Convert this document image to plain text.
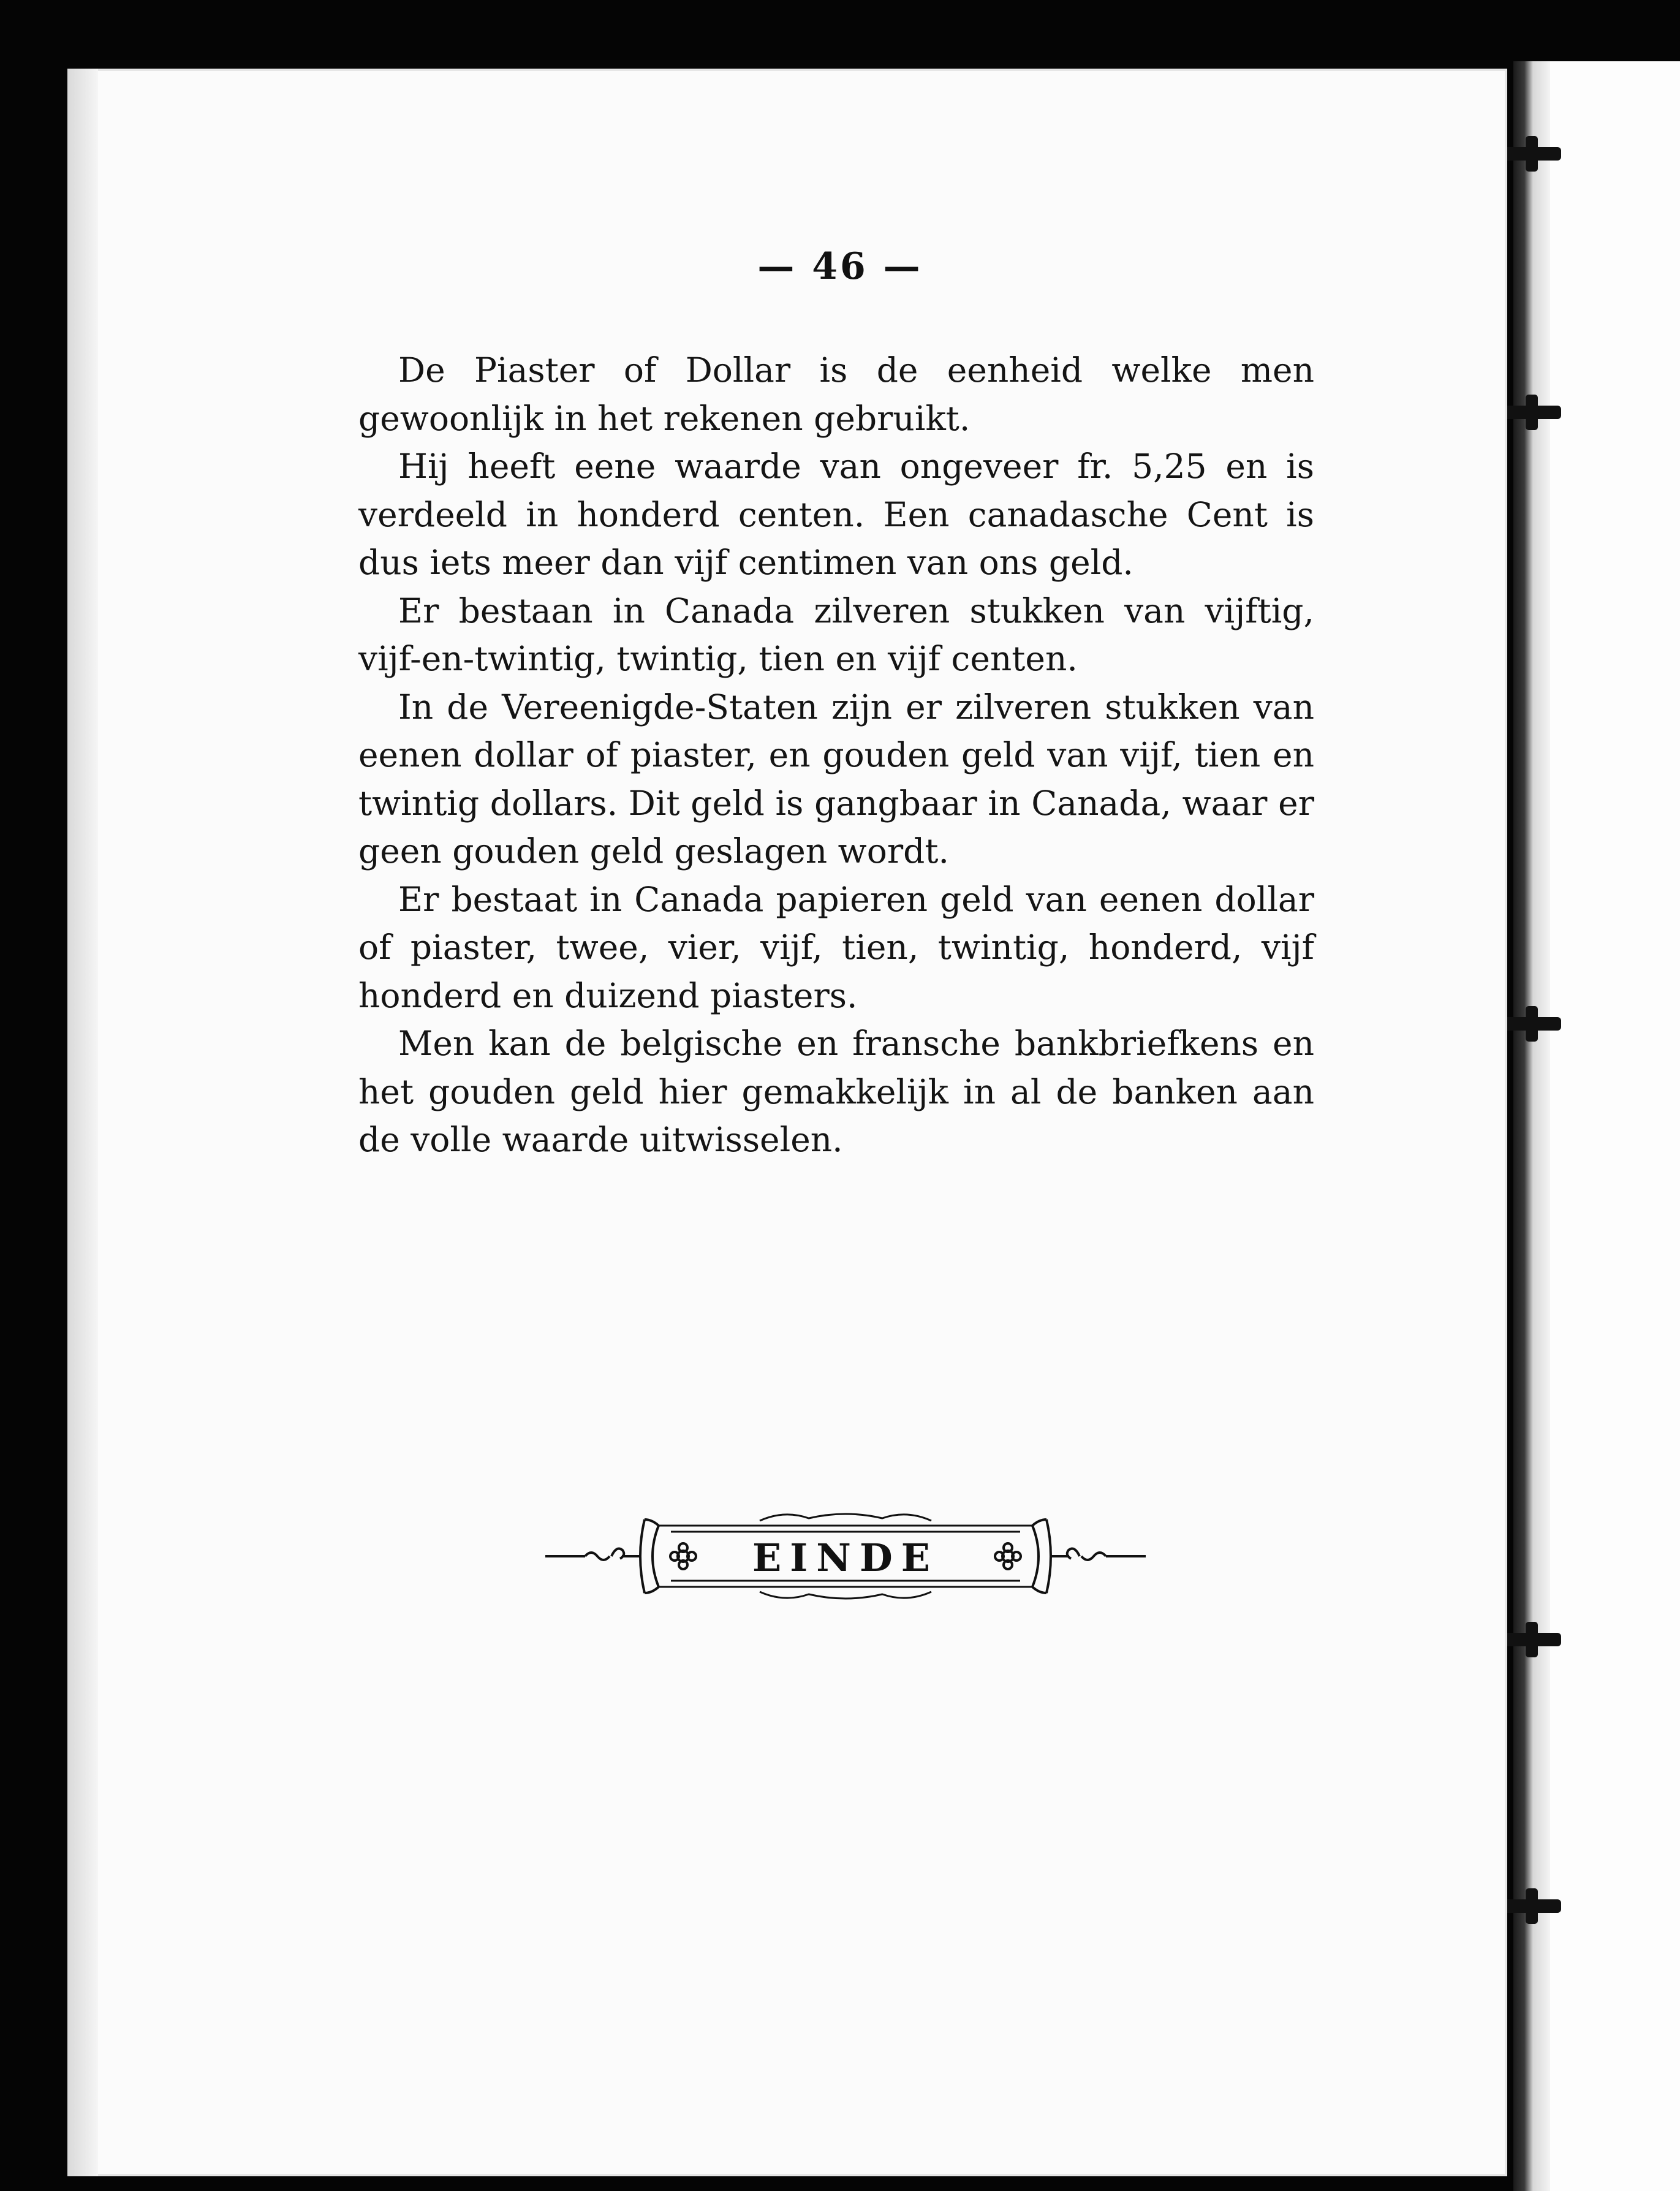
— 46 —

De Piaster of Dollar is de eenheid welke men gewoonlijk in het rekenen gebruikt.

Hij heeft eene waarde van ongeveer fr. 5,25 en is verdeeld in honderd centen. Een canadasche Cent is dus iets meer dan vijf centimen van ons geld.

Er bestaan in Canada zilveren stukken van vijftig, vijf-en-twintig, twintig, tien en vijf centen.

In de Vereenigde-Staten zijn er zilveren stukken van eenen dollar of piaster, en gouden geld van vijf, tien en twintig dollars. Dit geld is gangbaar in Canada, waar er geen gouden geld geslagen wordt.

Er bestaat in Canada papieren geld van eenen dollar of piaster, twee, vier, vijf, tien, twintig, honderd, vijf honderd en duizend piasters.

Men kan de belgische en fransche bankbriefkens en het gouden geld hier gemakkelijk in al de banken aan de volle waarde uitwisselen.

EINDE
